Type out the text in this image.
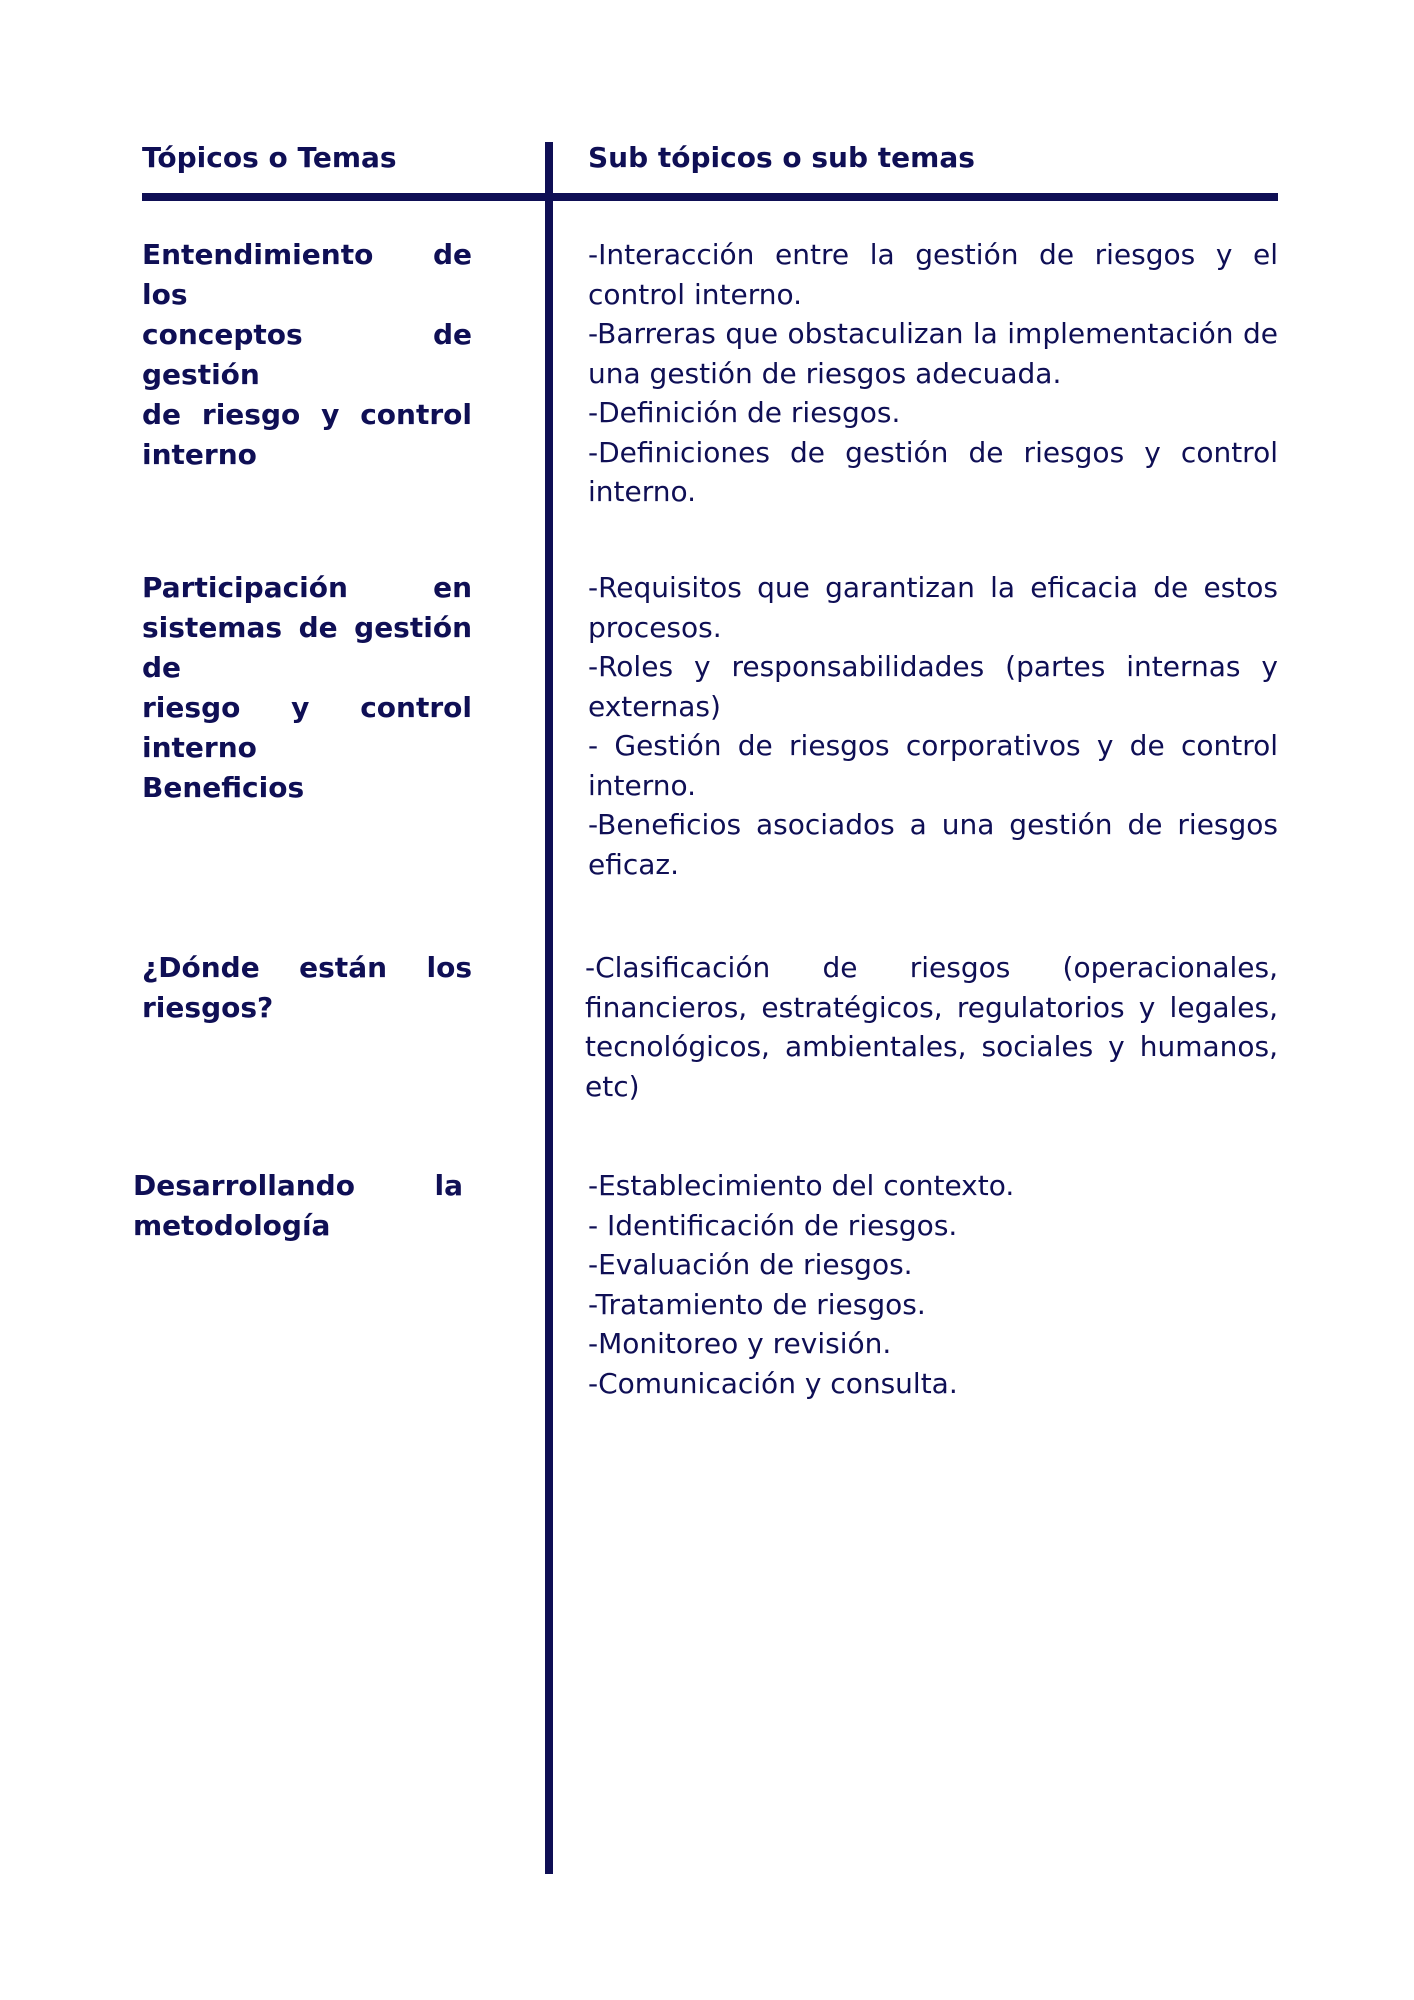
Tópicos o Temas	Sub tópicos o sub temas
Entendimiento de los
conceptos de gestión
de riesgo y control
interno
-Interacción entre la gestión de riesgos y el control interno.
-Barreras que obstaculizan la implementación de una gestión de riesgos adecuada.
-Definición de riesgos.
-Definiciones de gestión de riesgos y control interno.
Participación en
sistemas de gestión de
riesgo y control
interno
Beneficios
-Requisitos que garantizan la eficacia de estos procesos.
-Roles y responsabilidades (partes internas y externas)
- Gestión de riesgos corporativos y de control interno.
-Beneficios asociados a una gestión de riesgos eficaz.
¿Dónde están los
riesgos?
-Clasificación de riesgos (operacionales, financieros, estratégicos, regulatorios y legales, tecnológicos, ambientales, sociales y humanos, etc)
Desarrollando la
metodología
-Establecimiento del contexto.
- Identificación de riesgos.
-Evaluación de riesgos.
-Tratamiento de riesgos.
-Monitoreo y revisión.
-Comunicación y consulta.
